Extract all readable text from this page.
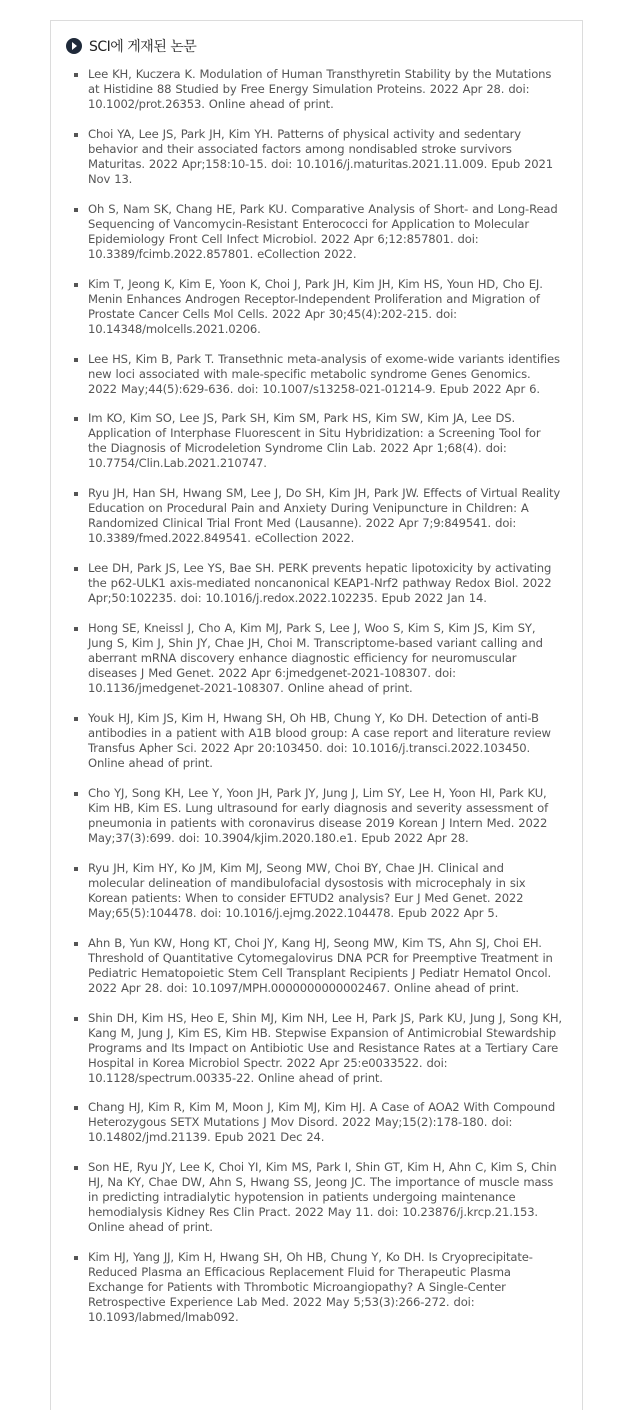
SCI에 게재된 논문
Lee KH, Kuczera K. Modulation of Human Transthyretin Stability by the Mutations at Histidine 88 Studied by Free Energy Simulation Proteins. 2022 Apr 28. doi: 10.1002/prot.26353. Online ahead of print.
Choi YA, Lee JS, Park JH, Kim YH. Patterns of physical activity and sedentary behavior and their associated factors among nondisabled stroke survivors Maturitas. 2022 Apr;158:10-15. doi: 10.1016/j.maturitas.2021.11.009. Epub 2021 Nov 13.
Oh S, Nam SK, Chang HE, Park KU. Comparative Analysis of Short- and Long-Read Sequencing of Vancomycin-Resistant Enterococci for Application to Molecular Epidemiology Front Cell Infect Microbiol. 2022 Apr 6;12:857801. doi: 10.3389/fcimb.2022.857801. eCollection 2022.
Kim T, Jeong K, Kim E, Yoon K, Choi J, Park JH, Kim JH, Kim HS, Youn HD, Cho EJ. Menin Enhances Androgen Receptor-Independent Proliferation and Migration of Prostate Cancer Cells Mol Cells. 2022 Apr 30;45(4):202-215. doi: 10.14348/molcells.2021.0206.
Lee HS, Kim B, Park T. Transethnic meta-analysis of exome-wide variants identifies new loci associated with male-specific metabolic syndrome Genes Genomics. 2022 May;44(5):629-636. doi: 10.1007/s13258-021-01214-9. Epub 2022 Apr 6.
Im KO, Kim SO, Lee JS, Park SH, Kim SM, Park HS, Kim SW, Kim JA, Lee DS. Application of Interphase Fluorescent in Situ Hybridization: a Screening Tool for the Diagnosis of Microdeletion Syndrome Clin Lab. 2022 Apr 1;68(4). doi: 10.7754/Clin.Lab.2021.210747.
Ryu JH, Han SH, Hwang SM, Lee J, Do SH, Kim JH, Park JW. Effects of Virtual Reality Education on Procedural Pain and Anxiety During Venipuncture in Children: A Randomized Clinical Trial Front Med (Lausanne). 2022 Apr 7;9:849541. doi: 10.3389/fmed.2022.849541. eCollection 2022.
Lee DH, Park JS, Lee YS, Bae SH. PERK prevents hepatic lipotoxicity by activating the p62-ULK1 axis-mediated noncanonical KEAP1-Nrf2 pathway Redox Biol. 2022 Apr;50:102235. doi: 10.1016/j.redox.2022.102235. Epub 2022 Jan 14.
Hong SE, Kneissl J, Cho A, Kim MJ, Park S, Lee J, Woo S, Kim S, Kim JS, Kim SY, Jung S, Kim J, Shin JY, Chae JH, Choi M. Transcriptome-based variant calling and aberrant mRNA discovery enhance diagnostic efficiency for neuromuscular diseases J Med Genet. 2022 Apr 6:jmedgenet-2021-108307. doi: 10.1136/jmedgenet-2021-108307. Online ahead of print.
Youk HJ, Kim JS, Kim H, Hwang SH, Oh HB, Chung Y, Ko DH. Detection of anti-B antibodies in a patient with A1B blood group: A case report and literature review Transfus Apher Sci. 2022 Apr 20:103450. doi: 10.1016/j.transci.2022.103450. Online ahead of print.
Cho YJ, Song KH, Lee Y, Yoon JH, Park JY, Jung J, Lim SY, Lee H, Yoon HI, Park KU, Kim HB, Kim ES. Lung ultrasound for early diagnosis and severity assessment of pneumonia in patients with coronavirus disease 2019 Korean J Intern Med. 2022 May;37(3):699. doi: 10.3904/kjim.2020.180.e1. Epub 2022 Apr 28.
Ryu JH, Kim HY, Ko JM, Kim MJ, Seong MW, Choi BY, Chae JH. Clinical and molecular delineation of mandibulofacial dysostosis with microcephaly in six Korean patients: When to consider EFTUD2 analysis? Eur J Med Genet. 2022 May;65(5):104478. doi: 10.1016/j.ejmg.2022.104478. Epub 2022 Apr 5.
Ahn B, Yun KW, Hong KT, Choi JY, Kang HJ, Seong MW, Kim TS, Ahn SJ, Choi EH. Threshold of Quantitative Cytomegalovirus DNA PCR for Preemptive Treatment in Pediatric Hematopoietic Stem Cell Transplant Recipients J Pediatr Hematol Oncol. 2022 Apr 28. doi: 10.1097/MPH.0000000000002467. Online ahead of print.
Shin DH, Kim HS, Heo E, Shin MJ, Kim NH, Lee H, Park JS, Park KU, Jung J, Song KH, Kang M, Jung J, Kim ES, Kim HB. Stepwise Expansion of Antimicrobial Stewardship Programs and Its Impact on Antibiotic Use and Resistance Rates at a Tertiary Care Hospital in Korea Microbiol Spectr. 2022 Apr 25:e0033522. doi: 10.1128/spectrum.00335-22. Online ahead of print.
Chang HJ, Kim R, Kim M, Moon J, Kim MJ, Kim HJ. A Case of AOA2 With Compound Heterozygous SETX Mutations J Mov Disord. 2022 May;15(2):178-180. doi: 10.14802/jmd.21139. Epub 2021 Dec 24.
Son HE, Ryu JY, Lee K, Choi YI, Kim MS, Park I, Shin GT, Kim H, Ahn C, Kim S, Chin HJ, Na KY, Chae DW, Ahn S, Hwang SS, Jeong JC. The importance of muscle mass in predicting intradialytic hypotension in patients undergoing maintenance hemodialysis Kidney Res Clin Pract. 2022 May 11. doi: 10.23876/j.krcp.21.153. Online ahead of print.
Kim HJ, Yang JJ, Kim H, Hwang SH, Oh HB, Chung Y, Ko DH. Is Cryoprecipitate-Reduced Plasma an Efficacious Replacement Fluid for Therapeutic Plasma Exchange for Patients with Thrombotic Microangiopathy? A Single-Center Retrospective Experience Lab Med. 2022 May 5;53(3):266-272. doi: 10.1093/labmed/lmab092.
